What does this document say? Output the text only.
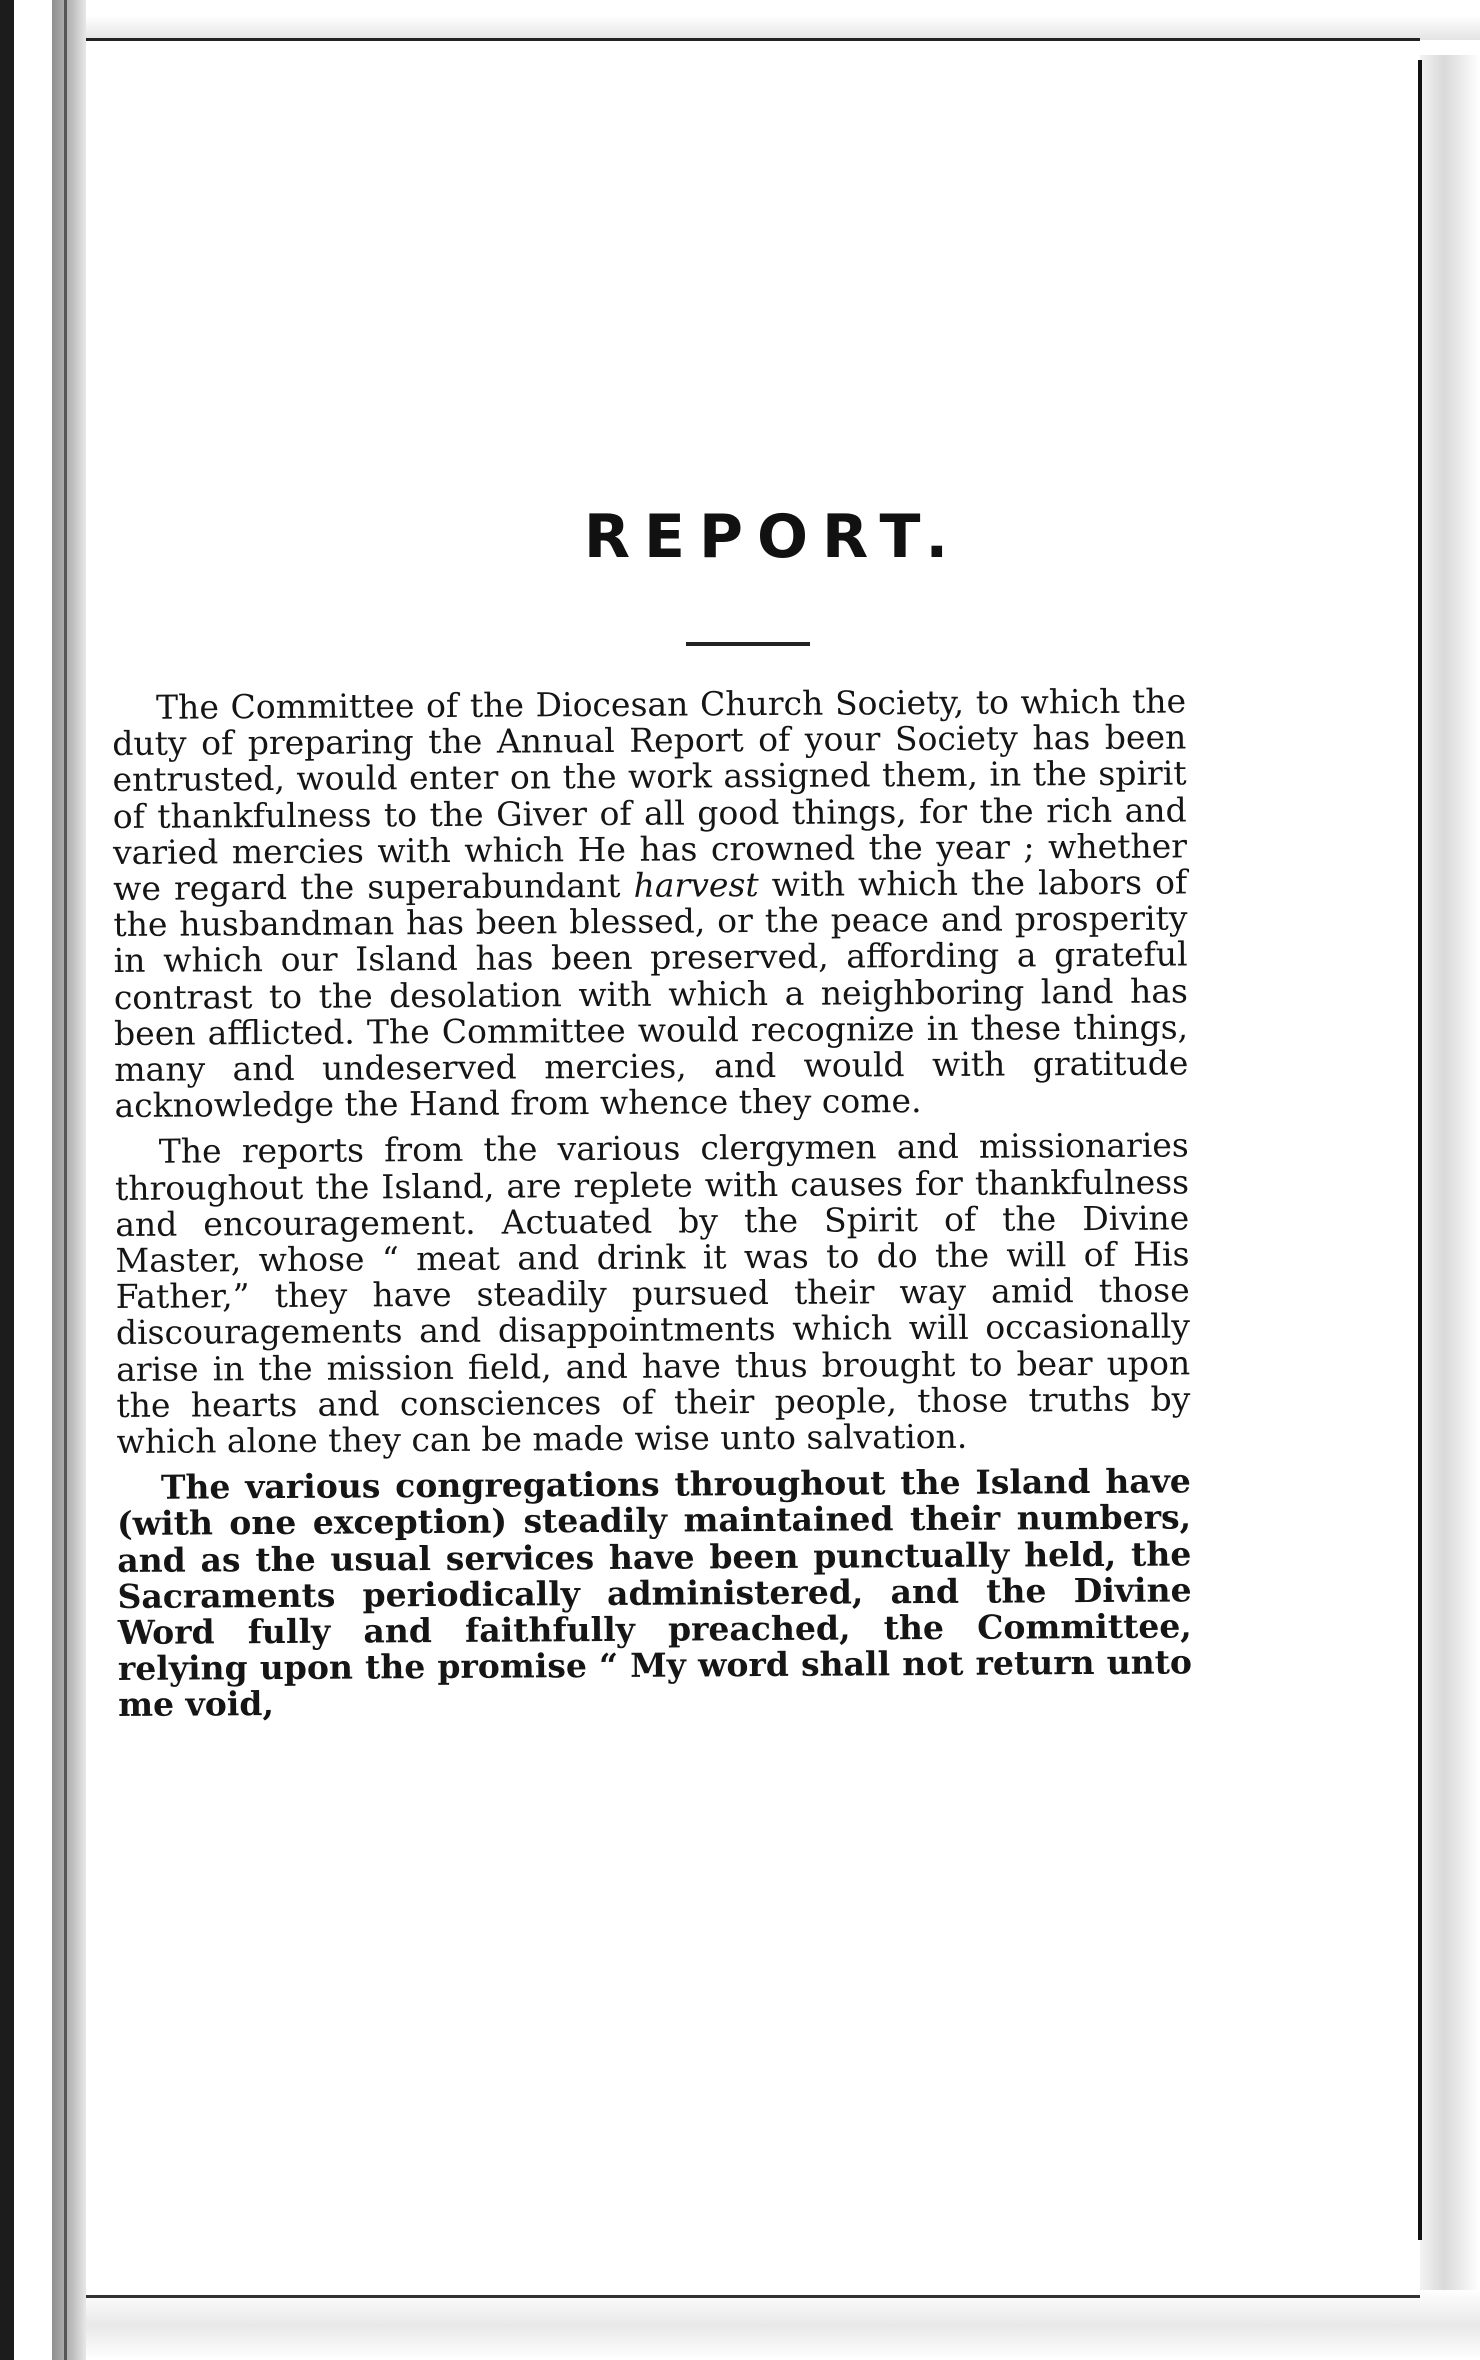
REPORT.

The Committee of the Diocesan Church Society, to which the duty of preparing the Annual Report of your Society has been entrusted, would enter on the work assigned them, in the spirit of thankfulness to the Giver of all good things, for the rich and varied mercies with which He has crowned the year ; whether we regard the superabundant harvest with which the labors of the husbandman has been blessed, or the peace and prosperity in which our Island has been preserved, affording a grateful contrast to the desolation with which a neighboring land has been afflicted. The Committee would recognize in these things, many and undeserved mercies, and would with gratitude acknowledge the Hand from whence they come.

The reports from the various clergymen and missionaries throughout the Island, are replete with causes for thankfulness and encouragement. Actuated by the Spirit of the Divine Master, whose “ meat and drink it was to do the will of His Father,” they have steadily pursued their way amid those discouragements and disappointments which will occasionally arise in the mission field, and have thus brought to bear upon the hearts and consciences of their people, those truths by which alone they can be made wise unto salvation.

The various congregations throughout the Island have (with one exception) steadily maintained their numbers, and as the usual services have been punctually held, the Sacraments periodically administered, and the Divine Word fully and faithfully preached, the Committee, relying upon the promise “ My word shall not return unto me void,
